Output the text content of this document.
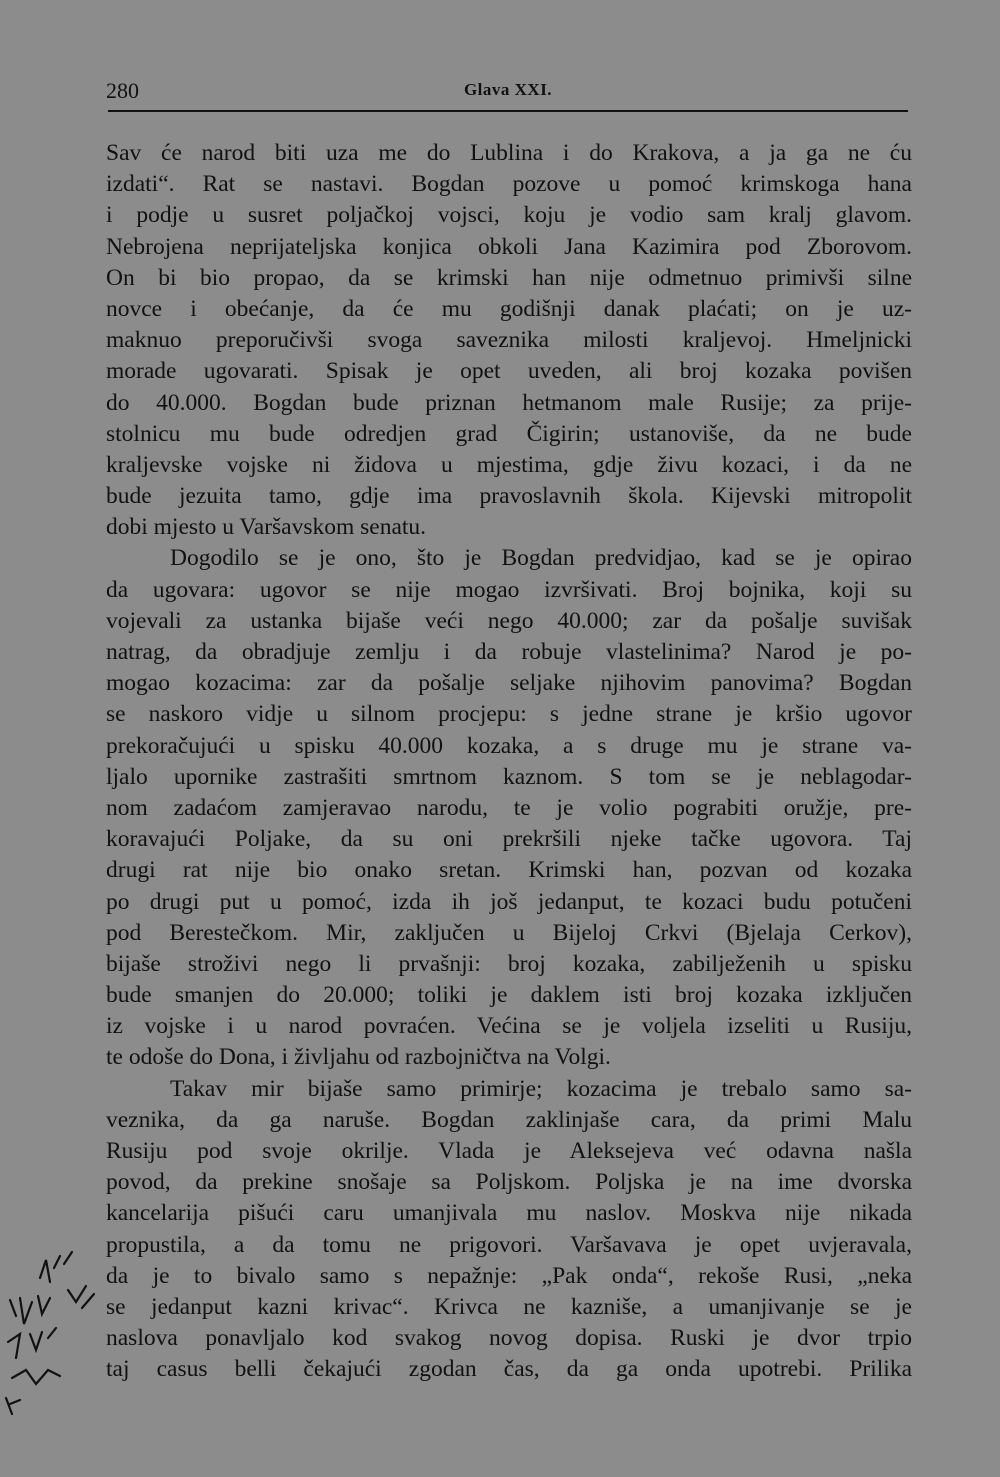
280	Glava XXI.
Sav će narod biti uza me do Lublina i do Krakova, a ja ga ne ću
izdati“. Rat se nastavi. Bogdan pozove u pomoć krimskoga hana
i podje u susret poljačkoj vojsci, koju je vodio sam kralj glavom.
Nebrojena neprijateljska konjica obkoli Jana Kazimira pod Zborovom.
On bi bio propao, da se krimski han nije odmetnuo primivši silne
novce i obećanje, da će mu godišnji danak plaćati; on je uz-
maknuo preporučivši svoga saveznika milosti kraljevoj. Hmeljnicki
morade ugovarati. Spisak je opet uveden, ali broj kozaka povišen
do 40.000. Bogdan bude priznan hetmanom male Rusije; za prije-
stolnicu mu bude odredjen grad Čigirin; ustanoviše, da ne bude
kraljevske vojske ni židova u mjestima, gdje živu kozaci, i da ne
bude jezuita tamo, gdje ima pravoslavnih škola. Kijevski mitropolit
dobi mjesto u Varšavskom senatu.
Dogodilo se je ono, što je Bogdan predvidjao, kad se je opirao
da ugovara: ugovor se nije mogao izvršivati. Broj bojnika, koji su
vojevali za ustanka bijaše veći nego 40.000; zar da pošalje suvišak
natrag, da obradjuje zemlju i da robuje vlastelinima? Narod je po-
mogao kozacima: zar da pošalje seljake njihovim panovima? Bogdan
se naskoro vidje u silnom procjepu: s jedne strane je kršio ugovor
prekoračujući u spisku 40.000 kozaka, a s druge mu je strane va-
ljalo upornike zastrašiti smrtnom kaznom. S tom se je neblagodar-
nom zadaćom zamjeravao narodu, te je volio pograbiti oružje, pre-
koravajući Poljake, da su oni prekršili njeke tačke ugovora. Taj
drugi rat nije bio onako sretan. Krimski han, pozvan od kozaka
po drugi put u pomoć, izda ih još jedanput, te kozaci budu potučeni
pod Berestečkom. Mir, zaključen u Bijeloj Crkvi (Bjelaja Cerkov),
bijaše stroživi nego li prvašnji: broj kozaka, zabilježenih u spisku
bude smanjen do 20.000; toliki je daklem isti broj kozaka izključen
iz vojske i u narod povraćen. Većina se je voljela izseliti u Rusiju,
te odoše do Dona, i življahu od razbojničtva na Volgi.
Takav mir bijaše samo primirje; kozacima je trebalo samo sa-
veznika, da ga naruše. Bogdan zaklinjaše cara, da primi Malu
Rusiju pod svoje okrilje. Vlada je Aleksejeva već odavna našla
povod, da prekine snošaje sa Poljskom. Poljska je na ime dvorska
kancelarija pišući caru umanjivala mu naslov. Moskva nije nikada
propustila, a da tomu ne prigovori. Varšavava je opet uvjeravala,
da je to bivalo samo s nepažnje: „Pak onda“, rekoše Rusi, „neka
se jedanput kazni krivac“. Krivca ne kazniše, a umanjivanje se je
naslova ponavljalo kod svakog novog dopisa. Ruski je dvor trpio
taj casus belli čekajući zgodan čas, da ga onda upotrebi. Prilika
